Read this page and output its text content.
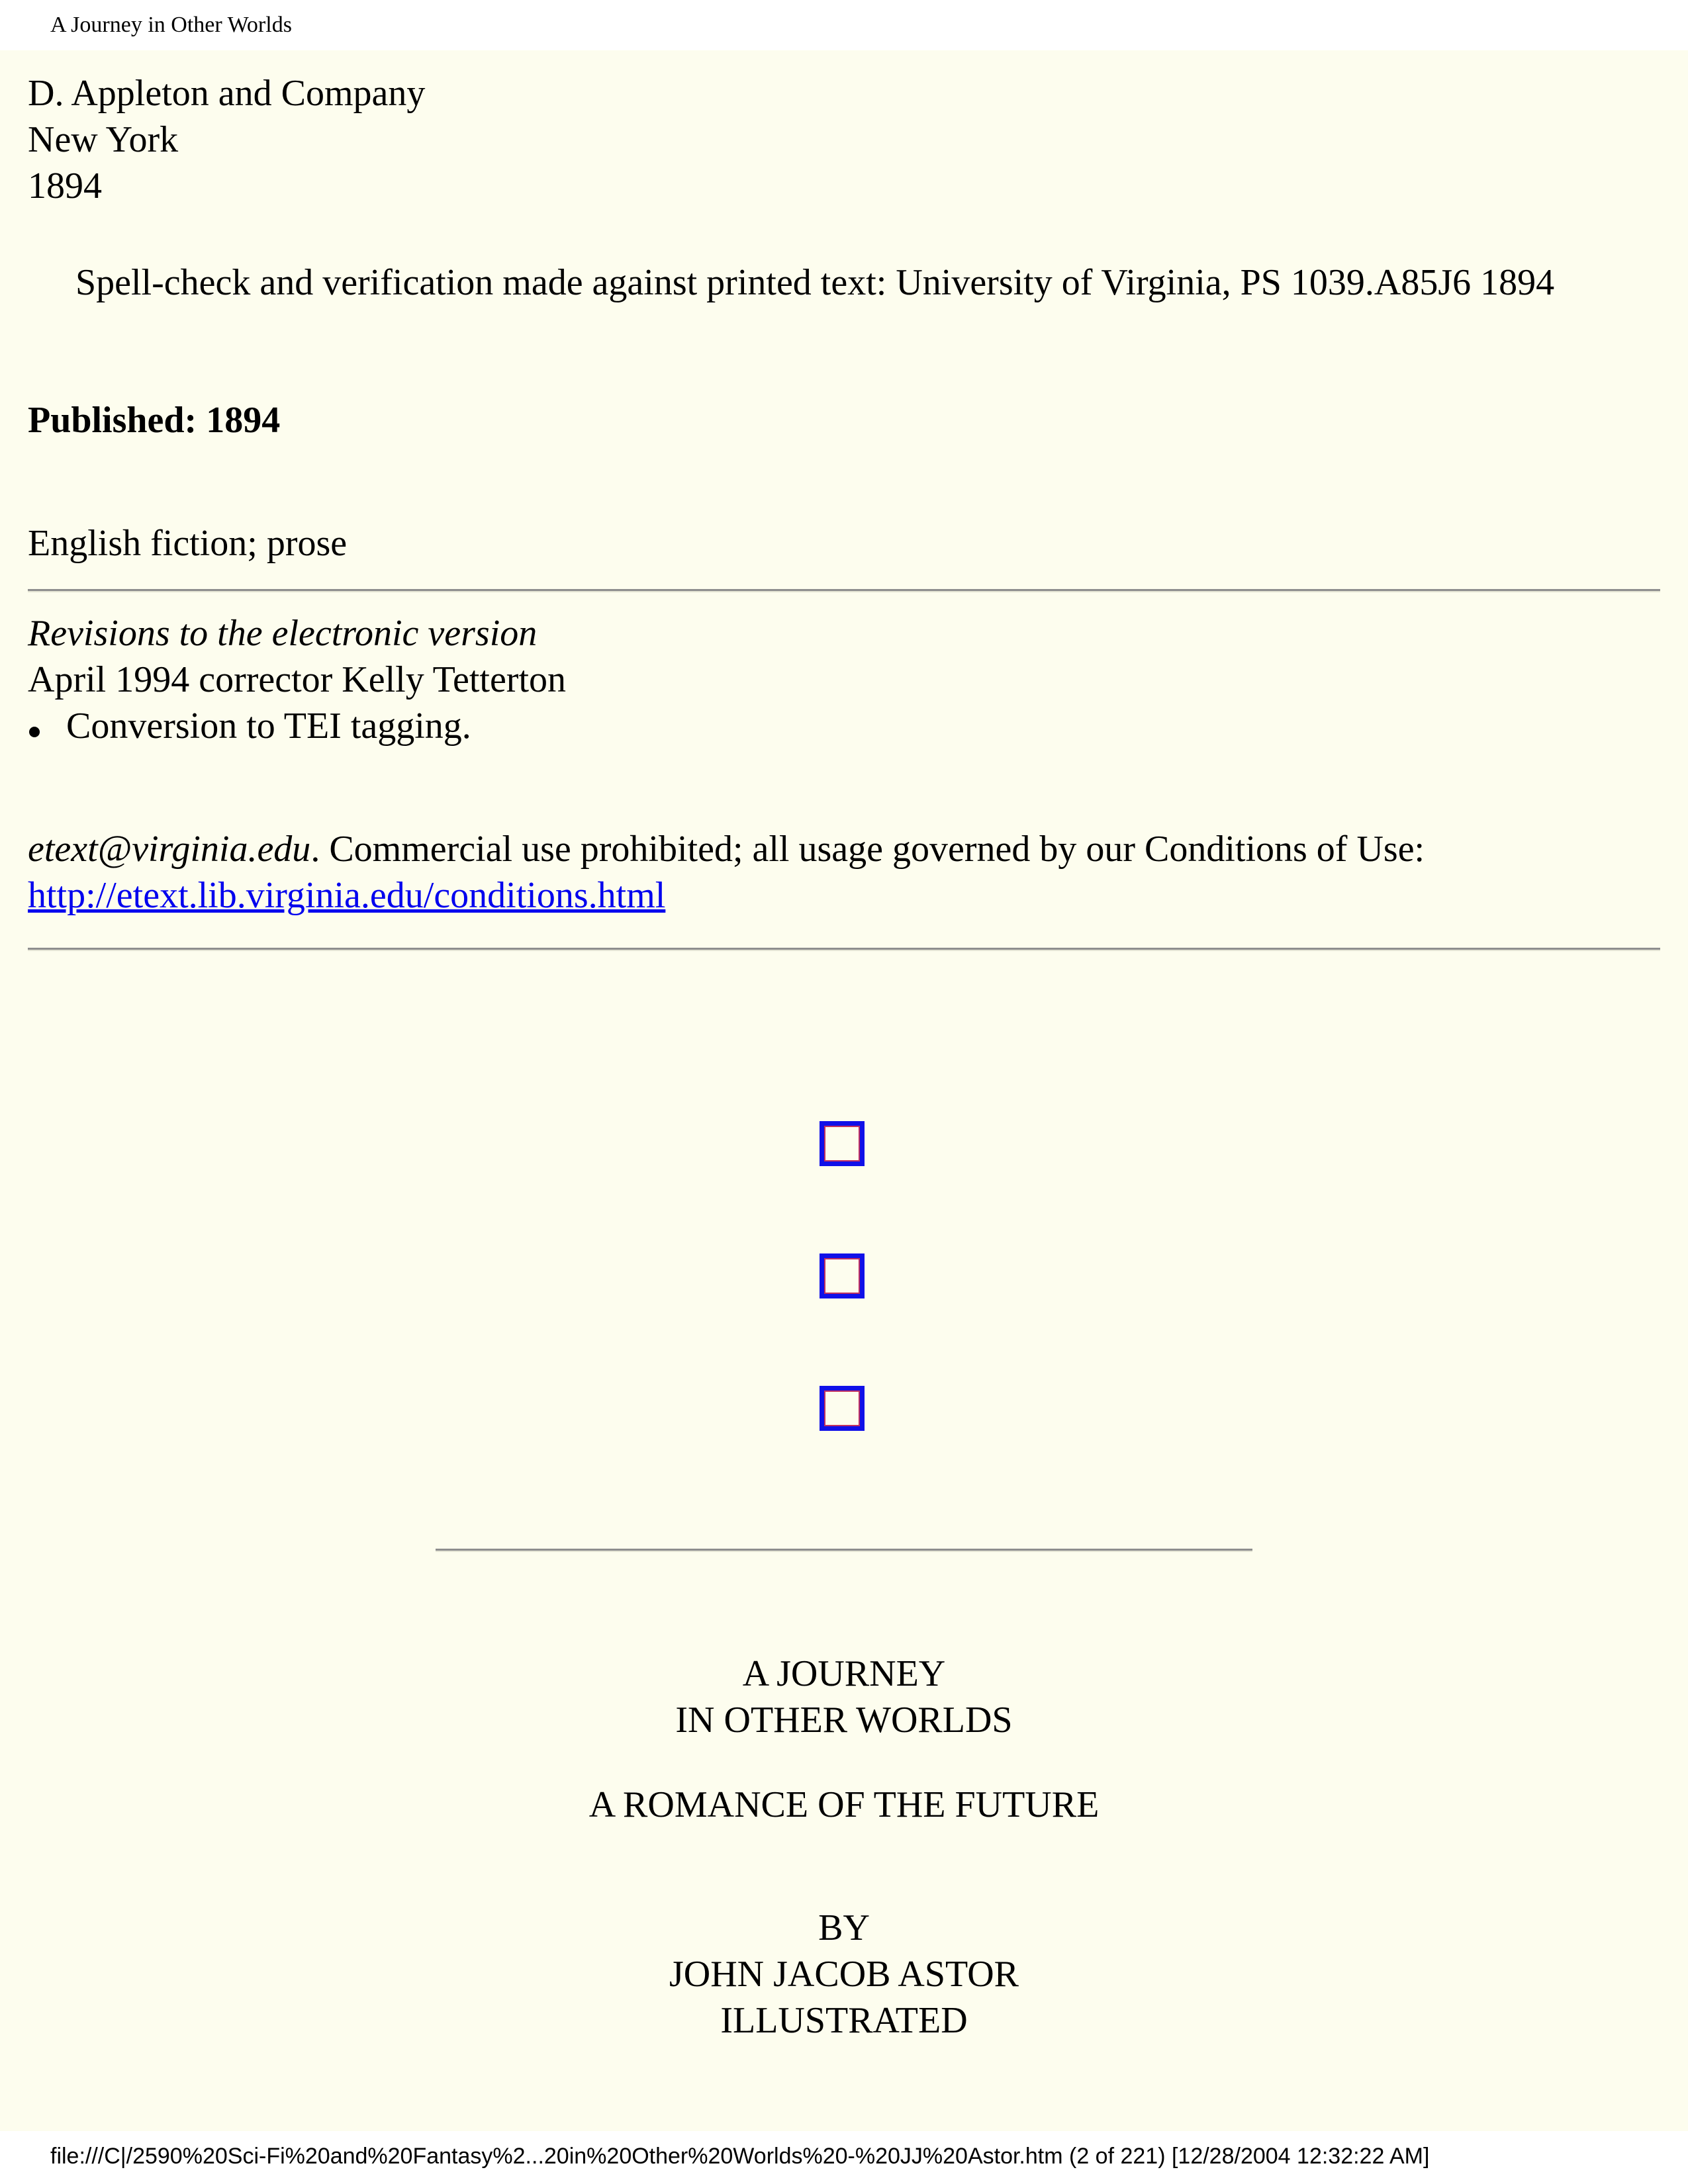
A Journey in Other Worlds
D. Appleton and Company
New York
1894
Spell-check and verification made against printed text: University of Virginia, PS 1039.A85J6 1894
Published: 1894
English fiction; prose
Revisions to the electronic version
April 1994 corrector Kelly Tetterton
Conversion to TEI tagging.
etext@virginia.edu. Commercial use prohibited; all usage governed by our Conditions of Use:
http://etext.lib.virginia.edu/conditions.html
A JOURNEY
IN OTHER WORLDS
A ROMANCE OF THE FUTURE
BY
JOHN JACOB ASTOR
ILLUSTRATED
file:///C|/2590%20Sci-Fi%20and%20Fantasy%2...20in%20Other%20Worlds%20-%20JJ%20Astor.htm (2 of 221) [12/28/2004 12:32:22 AM]
